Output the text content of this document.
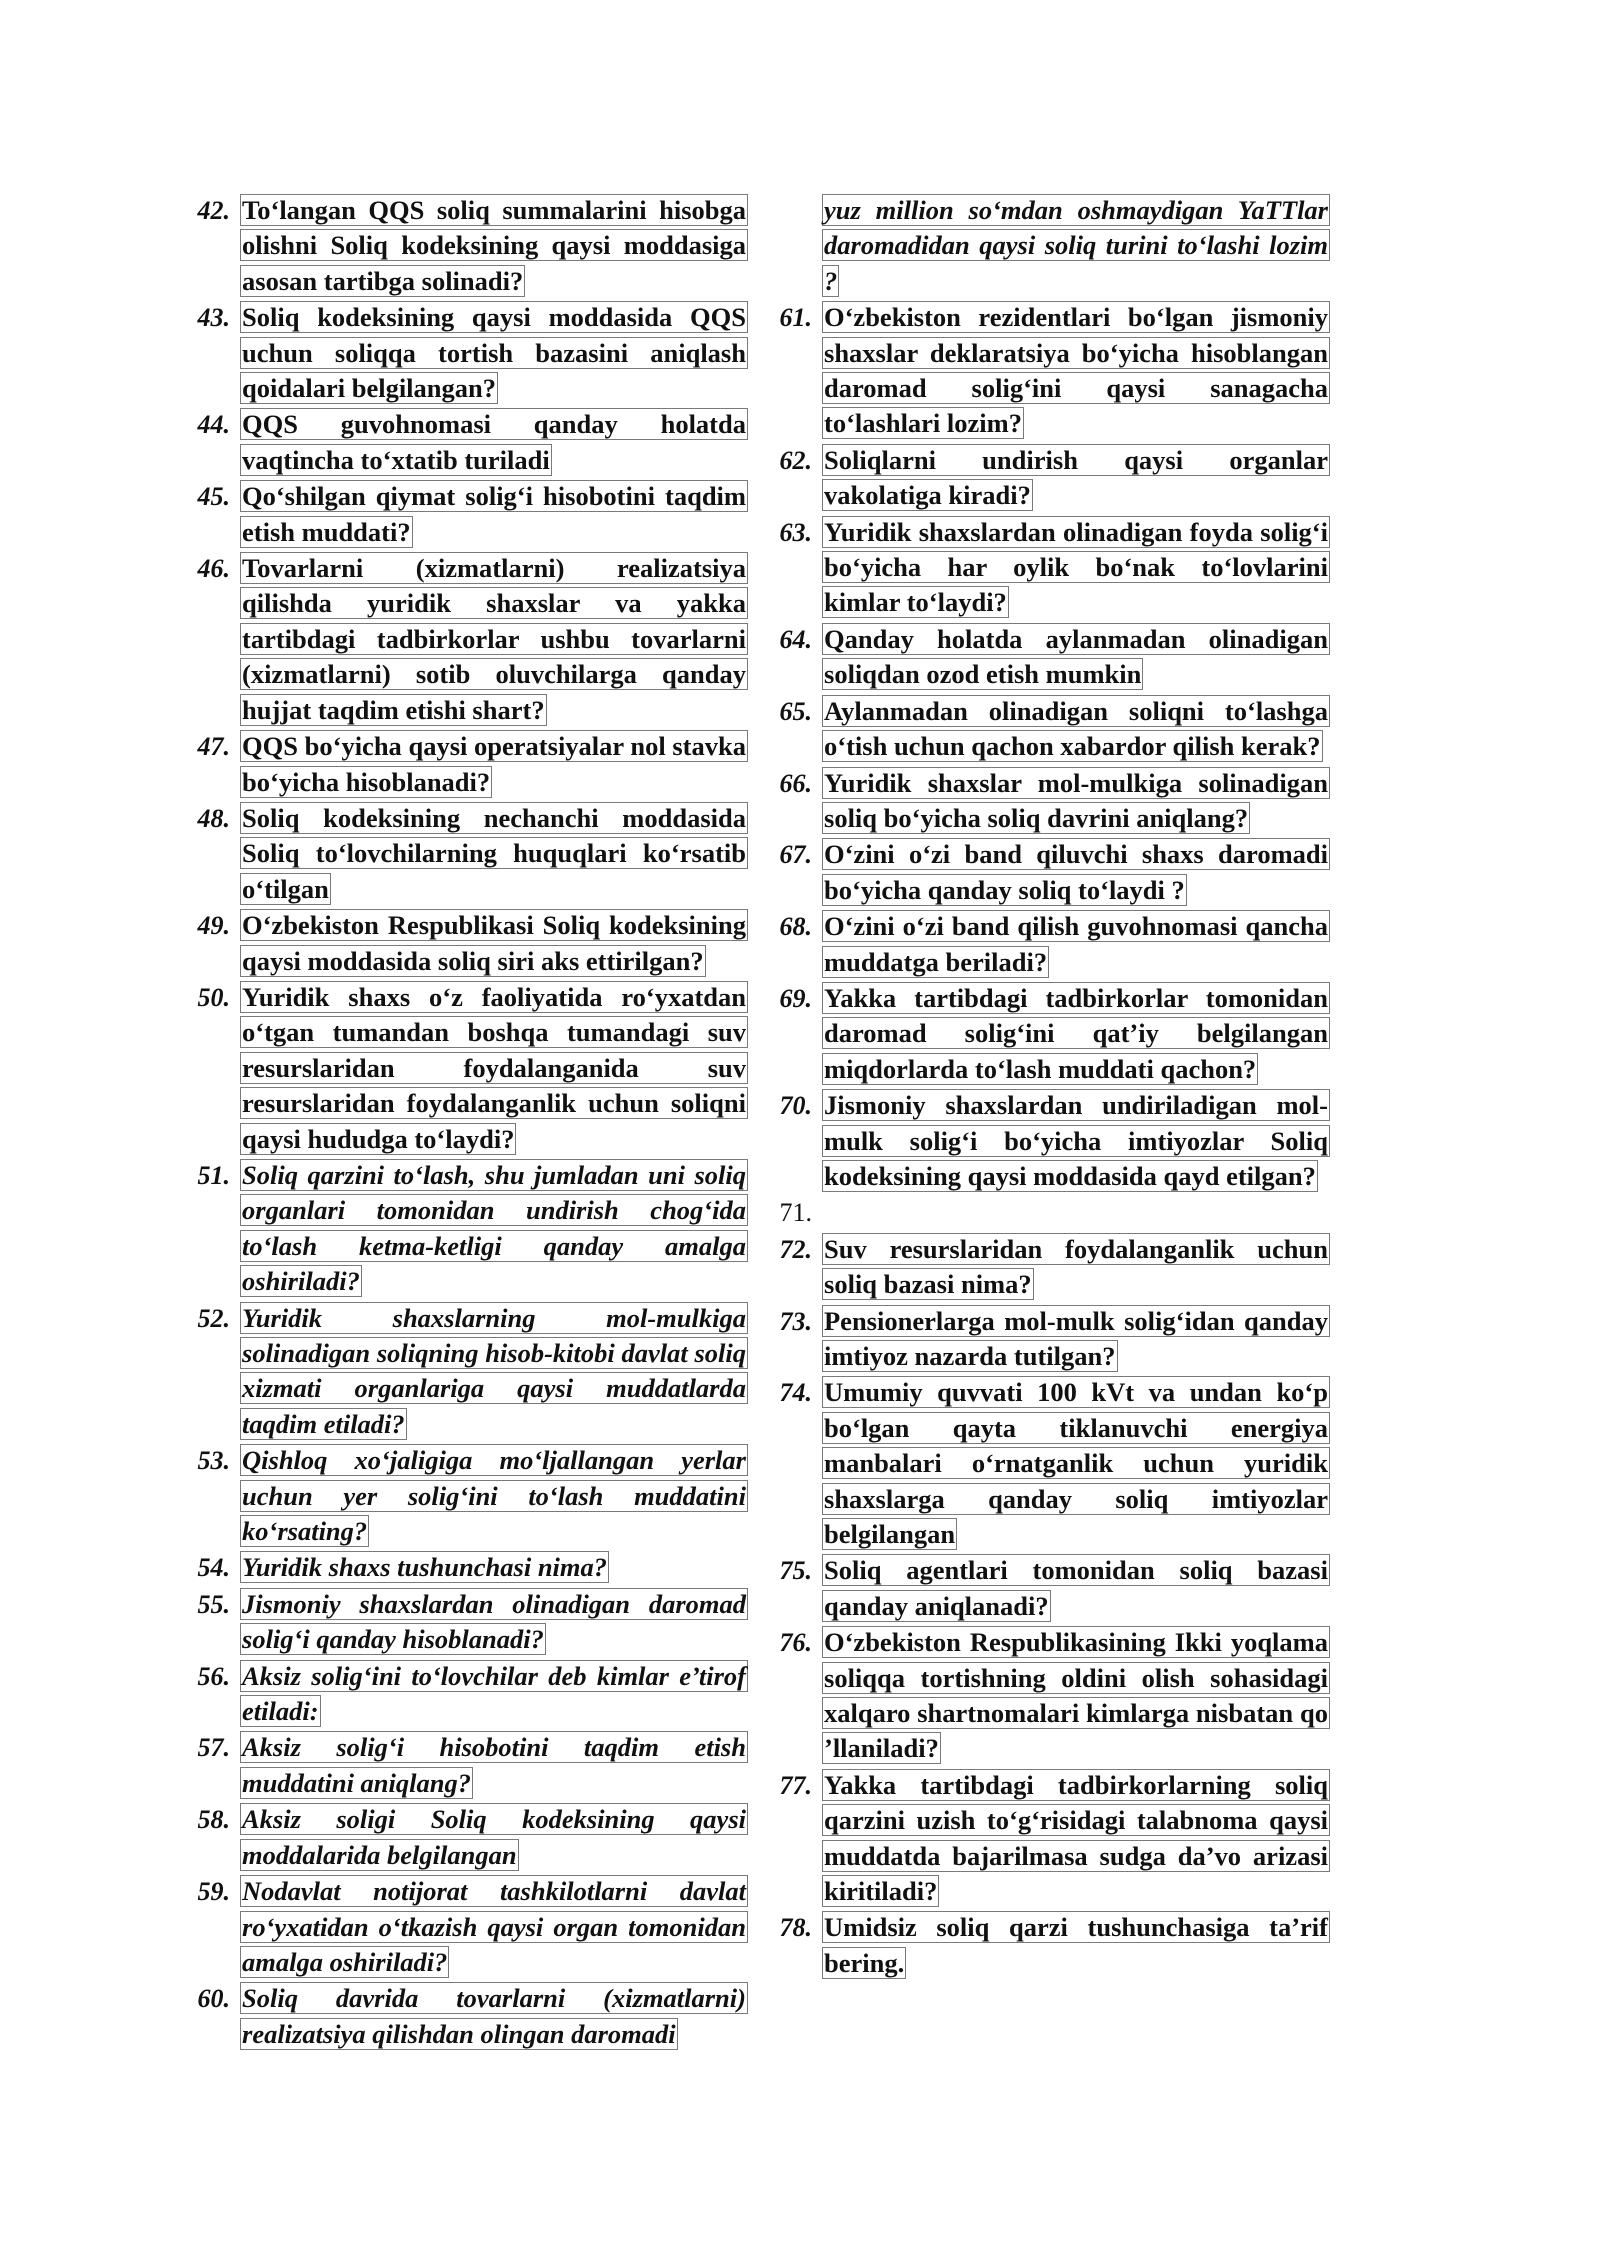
42. To‘langan QQS soliq summalarini hisobga olishni Soliq kodeksining qaysi moddasiga asosan tartibga solinadi?
43. Soliq kodeksining qaysi moddasida QQS uchun soliqqa tortish bazasini aniqlash qoidalari belgilangan?
44. QQS guvohnomasi qanday holatda vaqtincha to‘xtatib turiladi
45. Qo‘shilgan qiymat solig‘i hisobotini taqdim etish muddati?
46. Tovarlarni (xizmatlarni) realizatsiya qilishda yuridik shaxslar va yakka tartibdagi tadbirkorlar ushbu tovarlarni (xizmatlarni) sotib oluvchilarga qanday hujjat taqdim etishi shart?
47. QQS bo‘yicha qaysi operatsiyalar nol stavka bo‘yicha hisoblanadi?
48. Soliq kodeksining nechanchi moddasida Soliq to‘lovchilarning huquqlari ko‘rsatib o‘tilgan
49. O‘zbekiston Respublikasi Soliq kodeksining qaysi moddasida soliq siri aks ettirilgan?
50. Yuridik shaxs o‘z faoliyatida ro‘yxatdan o‘tgan tumandan boshqa tumandagi suv resurslaridan foydalanganida suv resurslaridan foydalanganlik uchun soliqni qaysi hududga to‘laydi?
51. Soliq qarzini to‘lash, shu jumladan uni soliq organlari tomonidan undirish chog‘ida to‘lash ketma-ketligi qanday amalga oshiriladi?
52. Yuridik shaxslarning mol-mulkiga solinadigan soliqning hisob-kitobi davlat soliq xizmati organlariga qaysi muddatlarda taqdim etiladi?
53. Qishloq xo‘jaligiga mo‘ljallangan yerlar uchun yer solig‘ini to‘lash muddatini ko‘rsating?
54. Yuridik shaxs tushunchasi nima?
55. Jismoniy shaxslardan olinadigan daromad solig‘i qanday hisoblanadi?
56. Aksiz solig‘ini to‘lovchilar deb kimlar e’tirof etiladi:
57. Aksiz solig‘i hisobotini taqdim etish muddatini aniqlang?
58. Aksiz soligi Soliq kodeksining qaysi moddalarida belgilangan
59. Nodavlat notijorat tashkilotlarni davlat ro‘yxatidan o‘tkazish qaysi organ tomonidan amalga oshiriladi?
60. Soliq davrida tovarlarni (xizmatlarni) realizatsiya qilishdan olingan daromadi
yuz million so‘mdan oshmaydigan YaTTlar daromadidan qaysi soliq turini to‘lashi lozim ?
61. O‘zbekiston rezidentlari bo‘lgan jismoniy shaxslar deklaratsiya bo‘yicha hisoblangan daromad solig‘ini qaysi sanagacha to‘lashlari lozim?
62. Soliqlarni undirish qaysi organlar vakolatiga kiradi?
63. Yuridik shaxslardan olinadigan foyda solig‘i bo‘yicha har oylik bo‘nak to‘lovlarini kimlar to‘laydi?
64. Qanday holatda aylanmadan olinadigan soliqdan ozod etish mumkin
65. Aylanmadan olinadigan soliqni to‘lashga o‘tish uchun qachon xabardor qilish kerak?
66. Yuridik shaxslar mol-mulkiga solinadigan soliq bo‘yicha soliq davrini aniqlang?
67. O‘zini o‘zi band qiluvchi shaxs daromadi bo‘yicha qanday soliq to‘laydi ?
68. O‘zini o‘zi band qilish guvohnomasi qancha muddatga beriladi?
69. Yakka tartibdagi tadbirkorlar tomonidan daromad solig‘ini qat’iy belgilangan miqdorlarda to‘lash muddati qachon?
70. Jismoniy shaxslardan undiriladigan mol-mulk solig‘i bo‘yicha imtiyozlar Soliq kodeksining qaysi moddasida qayd etilgan?
71.
72. Suv resurslaridan foydalanganlik uchun soliq bazasi nima?
73. Pensionerlarga mol-mulk solig‘idan qanday imtiyoz nazarda tutilgan?
74. Umumiy quvvati 100 kVt va undan ko‘p bo‘lgan qayta tiklanuvchi energiya manbalari o‘rnatganlik uchun yuridik shaxslarga qanday soliq imtiyozlar belgilangan
75. Soliq agentlari tomonidan soliq bazasi qanday aniqlanadi?
76. O‘zbekiston Respublikasining Ikki yoqlama soliqqa tortishning oldini olish sohasidagi xalqaro shartnomalari kimlarga nisbatan qo ’llaniladi?
77. Yakka tartibdagi tadbirkorlarning soliq qarzini uzish to‘g‘risidagi talabnoma qaysi muddatda bajarilmasa sudga da’vo arizasi kiritiladi?
78. Umidsiz soliq qarzi tushunchasiga ta’rif bering.
